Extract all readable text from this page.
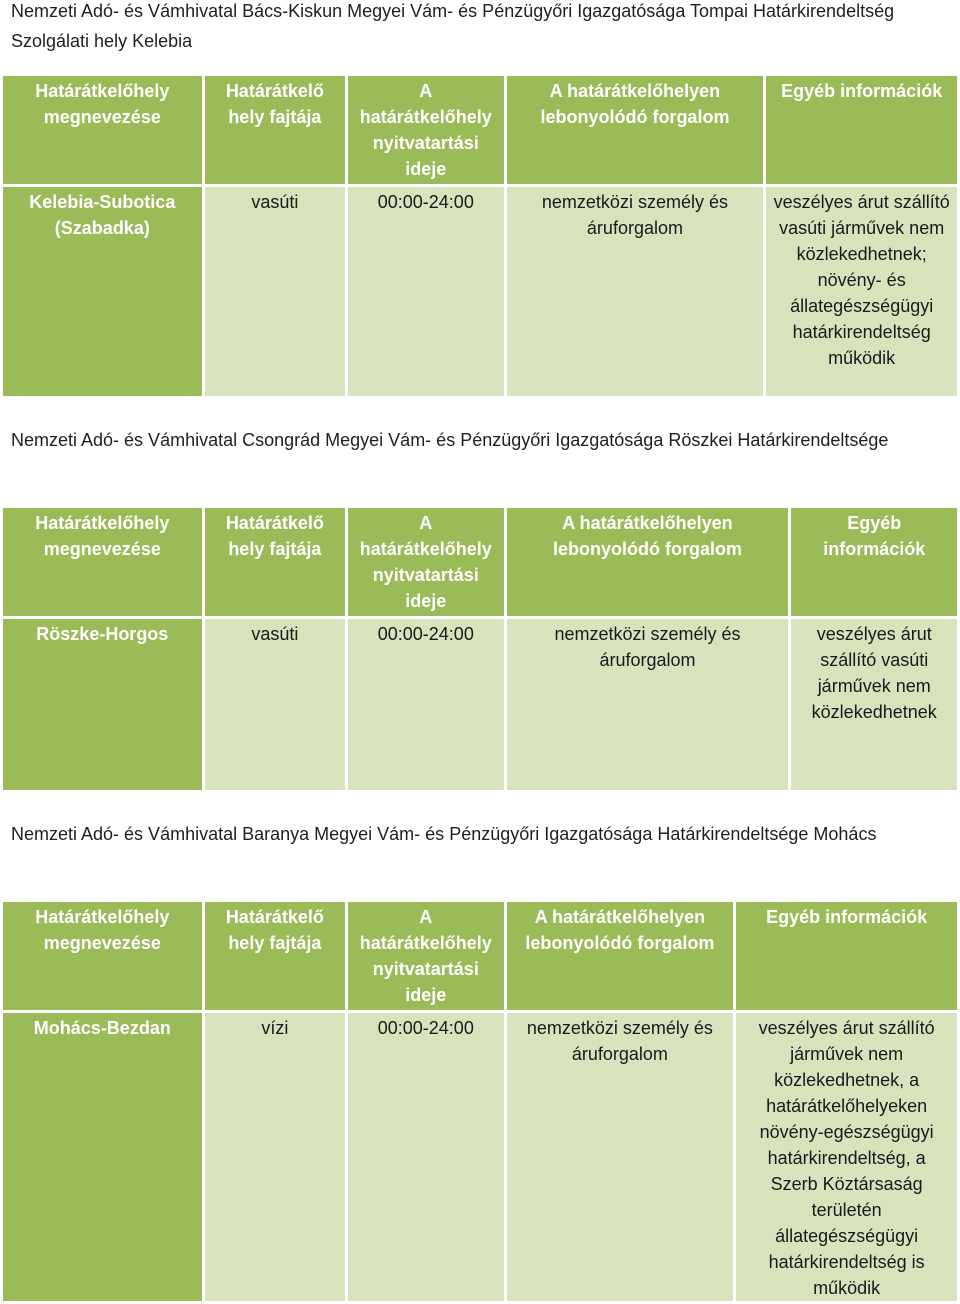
Nemzeti Adó- és Vámhivatal Bács-Kiskun Megyei Vám- és Pénzügyőri Igazgatósága Tompai Határkirendeltség Szolgálati hely Kelebia
Határátkelőhely megnevezése	Határátkelő hely fajtája	A határátkelőhely nyitvatartási ideje	A határátkelőhelyen lebonyolódó forgalom	Egyéb információk
Kelebia-Subotica (Szabadka)	vasúti	00:00-24:00	nemzetközi személy és áruforgalom	veszélyes árut szállító vasúti járművek nem közlekedhetnek; növény- és állategészségügyi határkirendeltség működik
Nemzeti Adó- és Vámhivatal Csongrád Megyei Vám- és Pénzügyőri Igazgatósága Röszkei Határkirendeltsége
Határátkelőhely megnevezése	Határátkelő hely fajtája	A határátkelőhely nyitvatartási ideje	A határátkelőhelyen lebonyolódó forgalom	Egyéb információk
Röszke-Horgos	vasúti	00:00-24:00	nemzetközi személy és áruforgalom	veszélyes árut szállító vasúti járművek nem közlekedhetnek
Nemzeti Adó- és Vámhivatal Baranya Megyei Vám- és Pénzügyőri Igazgatósága Határkirendeltsége Mohács
Határátkelőhely megnevezése	Határátkelő hely fajtája	A határátkelőhely nyitvatartási ideje	A határátkelőhelyen lebonyolódó forgalom	Egyéb információk
Mohács-Bezdan	vízi	00:00-24:00	nemzetközi személy és áruforgalom	veszélyes árut szállító járművek nem közlekedhetnek, a határátkelőhelyeken növény-egészségügyi határkirendeltség, a Szerb Köztársaság területén állategészségügyi határkirendeltség is működik
